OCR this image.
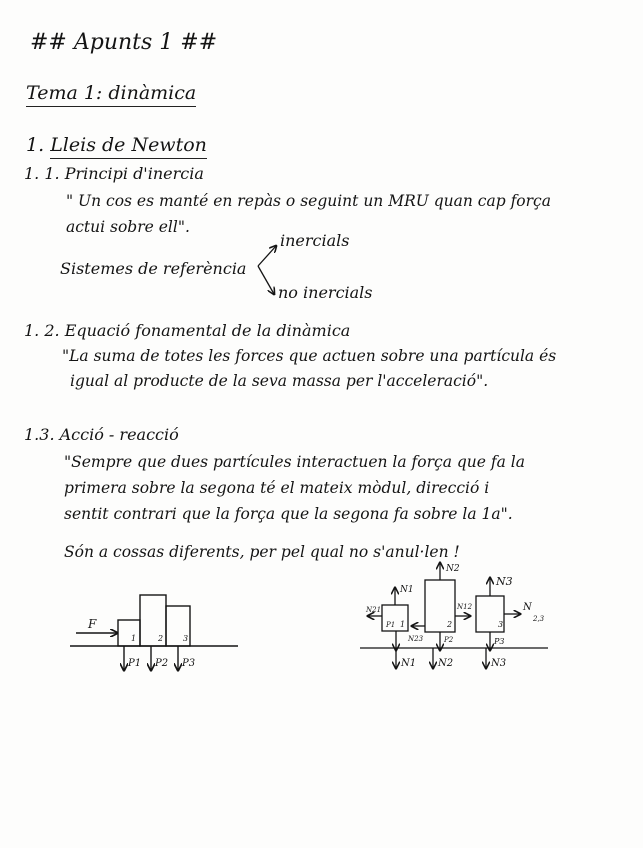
## Apunts 1 ##
Tema 1: dinàmica
1. Lleis de Newton
1. 1. Principi d'inercia
" Un cos es manté en repàs o seguint un MRU quan cap força
actui sobre ell".
Sistemes de referència
inercials
no inercials
1. 2. Equació fonamental de la dinàmica
"La suma de totes les forces que actuen sobre una partícula és
igual al producte de la seva massa per l'acceleració".
1.3. Acció - reacció
"Sempre que dues partícules interactuen la força que fa la
primera sobre la segona té el mateix mòdul, direcció i
sentit contrari que la força que la segona fa sobre la 1a".
Són a cossas diferents, per pel qual no s'anul·len !
F
1	2 3
P1 P2 P3
N1
N2
N3
N21	N12
N23
N
2,3
1	2	3
P1
P2	P3
N1 N2	N3
